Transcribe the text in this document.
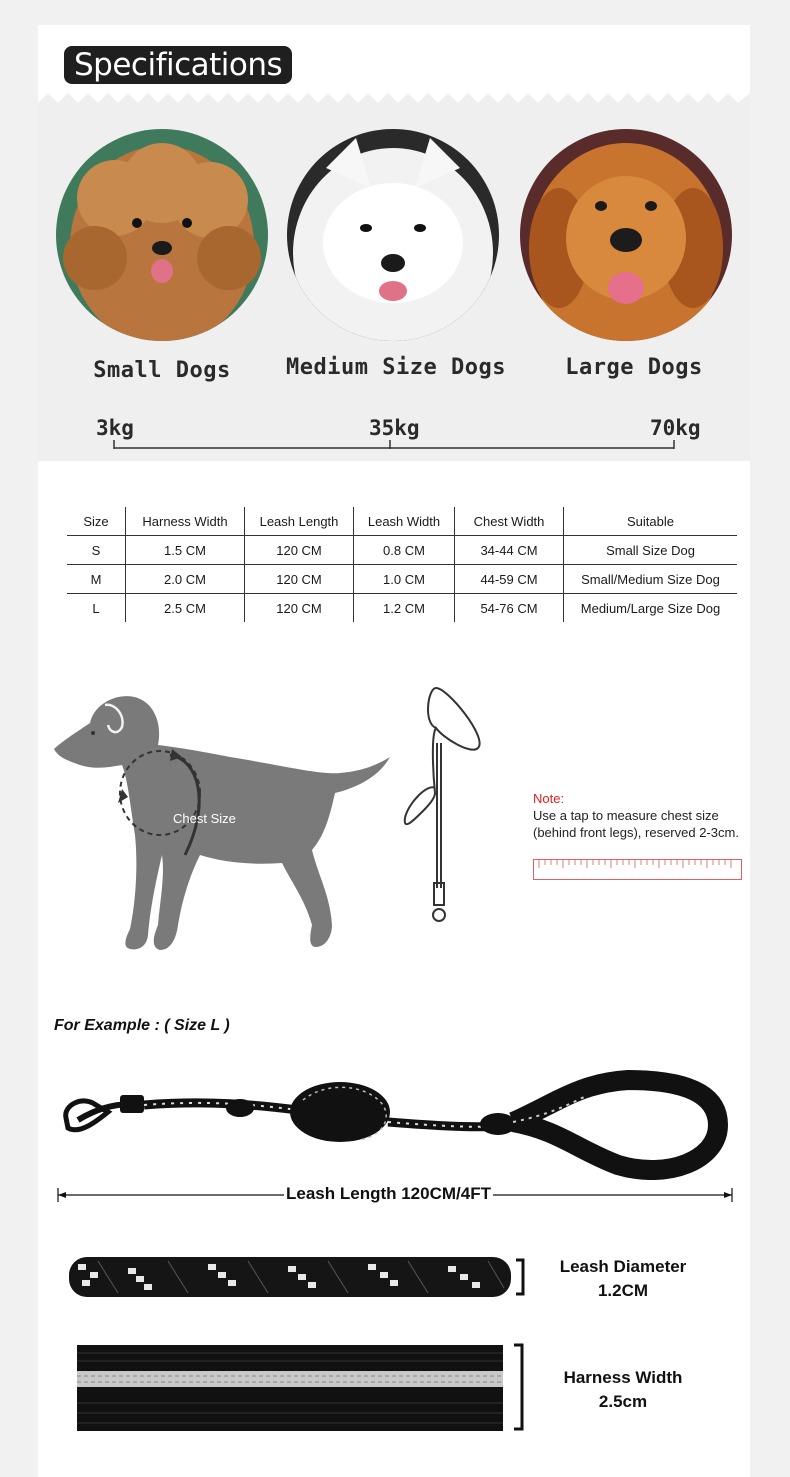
Specifications
Small Dogs	Medium Size Dogs	Large Dogs
3kg	35kg	70kg
Size	Harness Width	Leash Length	Leash Width	Chest Width	Suitable
S	1.5 CM	120 CM	0.8 CM	34-44 CM	Small Size Dog
M	2.0 CM	120 CM	1.0 CM	44-59 CM	Small/Medium Size Dog
L	2.5 CM	120 CM	1.2 CM	54-76 CM	Medium/Large Size Dog
Chest Size
Note:
Use a tap to measure chest size (behind front legs), reserved 2-3cm.
For Example : ( Size L )
Leash Length 120CM/4FT
Leash Diameter
1.2CM
Harness Width
2.5cm
